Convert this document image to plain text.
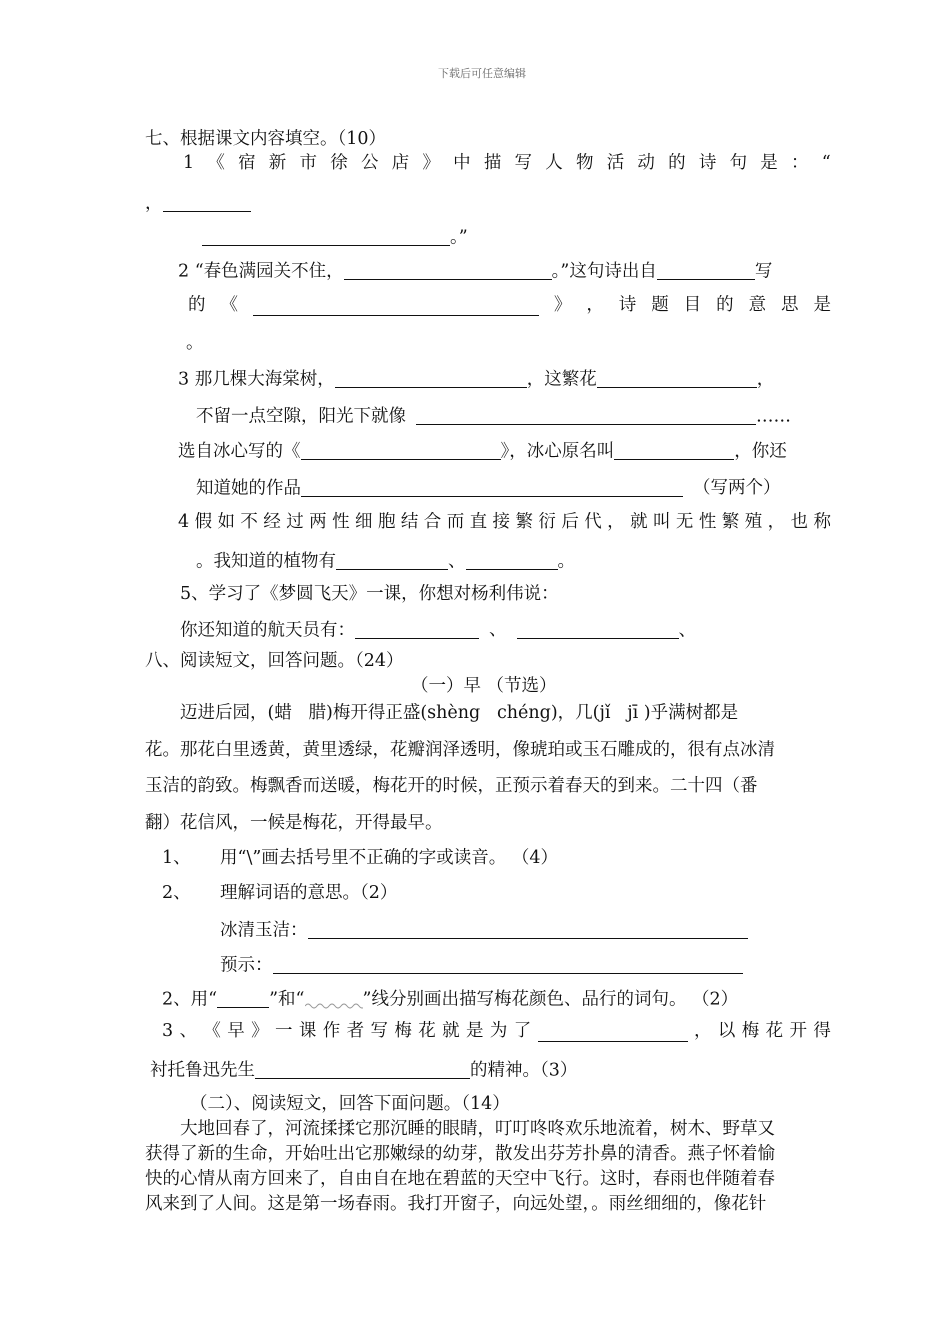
下载后可任意编辑
七、根据课文内容填空。（10）
1 《 宿 新 市 徐 公 店 》 中 描 写 人 物 活 动 的 诗 句 是 ： “
，
。”
2 “春色满园关不住，	。”这句诗出自	写
的 《	》 ， 诗 题 目 的 意 思 是
。
3 那几棵大海棠树，	，这繁花	，
不留一点空隙，阳光下就像	……
选自冰心写的《	》，冰心原名叫	，你还
知道她的作品	（写两个）
4 假 如 不 经 过 两 性 细 胞 结 合 而 直 接 繁 衍 后 代 ， 就 叫 无 性 繁 殖 ， 也 称
。我知道的植物有	、	。
5、学习了《梦圆飞天》一课，你想对杨利伟说：
你还知道的航天员有：	、	、
八、阅读短文，回答问题。（24）
（一）早 （节选）
迈进后园，(蜡   腊)梅开得正盛(shèng   chéng)，几(jǐ   jī )乎满树都是
花。那花白里透黄，黄里透绿，花瓣润泽透明，像琥珀或玉石雕成的，很有点冰清
玉洁的韵致。梅飘香而送暖，梅花开的时候，正预示着春天的到来。二十四（番
翻）花信风，一候是梅花，开得最早。
1、 用“\”画去括号里不正确的字或读音。 （4）
2、 理解词语的意思。（2）
冰清玉洁：
预示：
2、用“	”和“	”线分别画出描写梅花颜色、品行的词句。 （2）
3 、 《 早 》 一 课 作 者 写 梅 花 就 是 为 了	， 以 梅 花 开 得
衬托鲁迅先生	的精神。（3）
（二）、阅读短文，回答下面问题。（14）
大地回春了，河流揉揉它那沉睡的眼睛，叮叮咚咚欢乐地流着，树木、野草又
获得了新的生命，开始吐出它那嫩绿的幼芽，散发出芬芳扑鼻的清香。燕子怀着愉
快的心情从南方回来了，自由自在地在碧蓝的天空中飞行。这时，春雨也伴随着春
风来到了人间。这是第一场春雨。我打开窗子，向远处望，。雨丝细细的，像花针
